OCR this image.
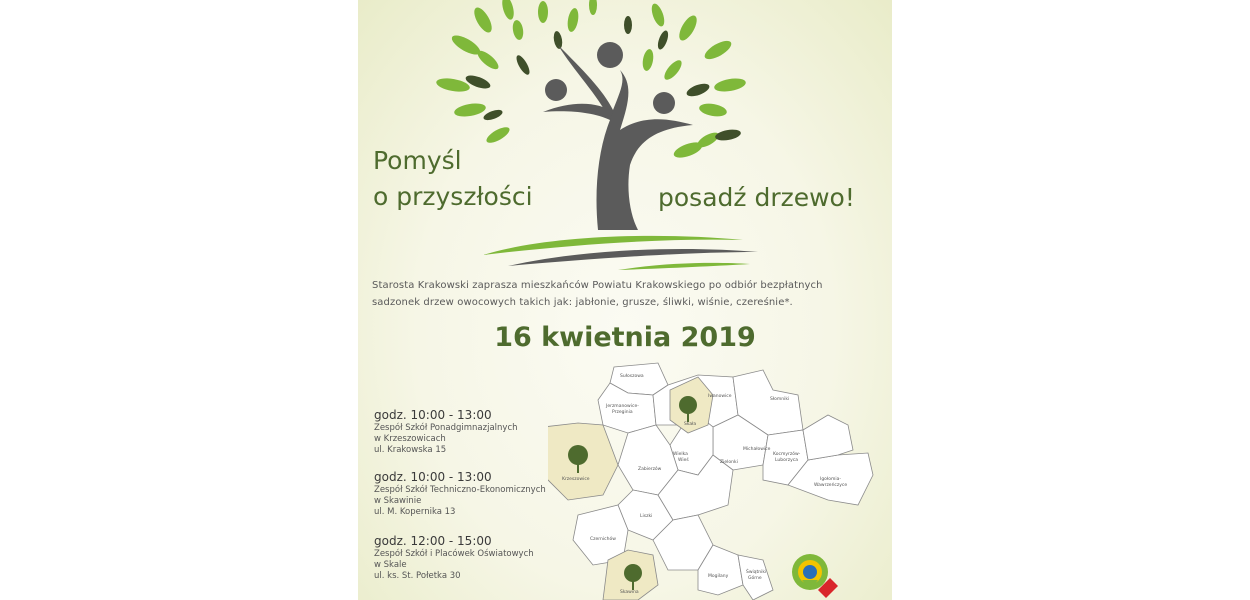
Pomyśl
o przyszłości	posadź drzewo!
Starosta Krakowski zaprasza mieszkańców Powiatu Krakowskiego po odbiór bezpłatnych
sadzonek drzew owocowych takich jak: jabłonie, grusze, śliwki, wiśnie, czereśnie*.
16 kwietnia 2019
Sułoszowa
Jerzmanowice-
Przeginia
Skała
Iwanowice
Słomniki
Krzeszowice
Wielka
Wieś	Zielonki
Michałowice
Kocmyrzów-
Luborzyca
Igołomia-
Wawrzeńczyce
Zabierzów
Liszki
Czernichów
Skawina
Mogilany
Świątniki
Górne
godz. 10:00 - 13:00
Zespół Szkół Ponadgimnazjalnych
w Krzeszowicach
ul. Krakowska 15
godz. 10:00 - 13:00
Zespół Szkół Techniczno-Ekonomicznych
w Skawinie
ul. M. Kopernika 13
godz. 12:00 - 15:00
Zespół Szkół i Placówek Oświatowych
w Skale
ul. ks. St. Połetka 30
